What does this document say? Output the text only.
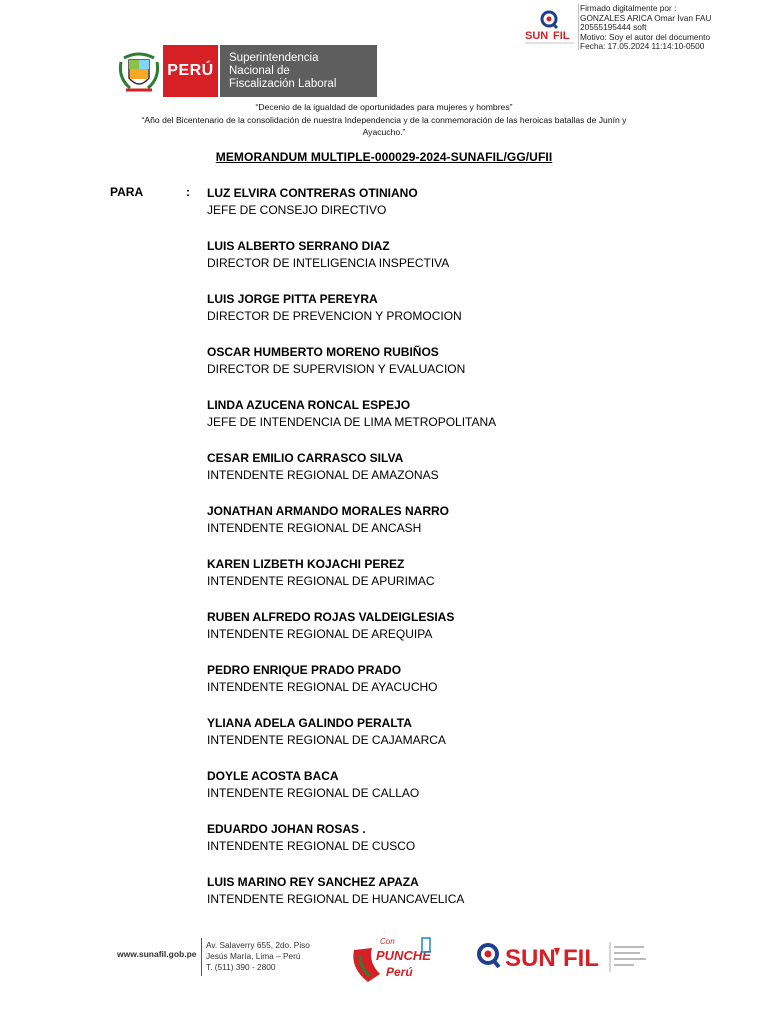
SUN FIL
Firmado digitalmente por :
GONZALES ARICA Omar Ivan FAU
20555195444 soft
Motivo: Soy el autor del documento
Fecha: 17.05.2024 11:14:10-0500
PERÚ
Superintendencia
Nacional de
Fiscalización Laboral
“Decenio de la igualdad de oportunidades para mujeres y hombres”
“Año del Bicentenario de la consolidación de nuestra Independencia y de la conmemoración de las heroicas batallas de Junín y
Ayacucho.”
MEMORANDUM MULTIPLE-000029-2024-SUNAFIL/GG/UFII
PARA	: LUZ ELVIRA CONTRERAS OTINIANO
JEFE DE CONSEJO DIRECTIVO
LUIS ALBERTO SERRANO DIAZ
DIRECTOR DE INTELIGENCIA INSPECTIVA
LUIS JORGE PITTA PEREYRA
DIRECTOR DE PREVENCION Y PROMOCION
OSCAR HUMBERTO MORENO RUBIÑOS
DIRECTOR DE SUPERVISION Y EVALUACION
LINDA AZUCENA RONCAL ESPEJO
JEFE DE INTENDENCIA DE LIMA METROPOLITANA
CESAR EMILIO CARRASCO SILVA
INTENDENTE REGIONAL DE AMAZONAS
JONATHAN ARMANDO MORALES NARRO
INTENDENTE REGIONAL DE ANCASH
KAREN LIZBETH KOJACHI PEREZ
INTENDENTE REGIONAL DE APURIMAC
RUBEN ALFREDO ROJAS VALDEIGLESIAS
INTENDENTE REGIONAL DE AREQUIPA
PEDRO ENRIQUE PRADO PRADO
INTENDENTE REGIONAL DE AYACUCHO
YLIANA ADELA GALINDO PERALTA
INTENDENTE REGIONAL DE CAJAMARCA
DOYLE ACOSTA BACA
INTENDENTE REGIONAL DE CALLAO
EDUARDO JOHAN ROSAS .
INTENDENTE REGIONAL DE CUSCO
LUIS MARINO REY SANCHEZ APAZA
INTENDENTE REGIONAL DE HUANCAVELICA
www.sunafil.gob.pe
Av. Salaverry 655, 2do. Piso
Jesús María, Lima – Perú
T. (511) 390 - 2800
Con
PUNCHE
Perú	SUN FIL
